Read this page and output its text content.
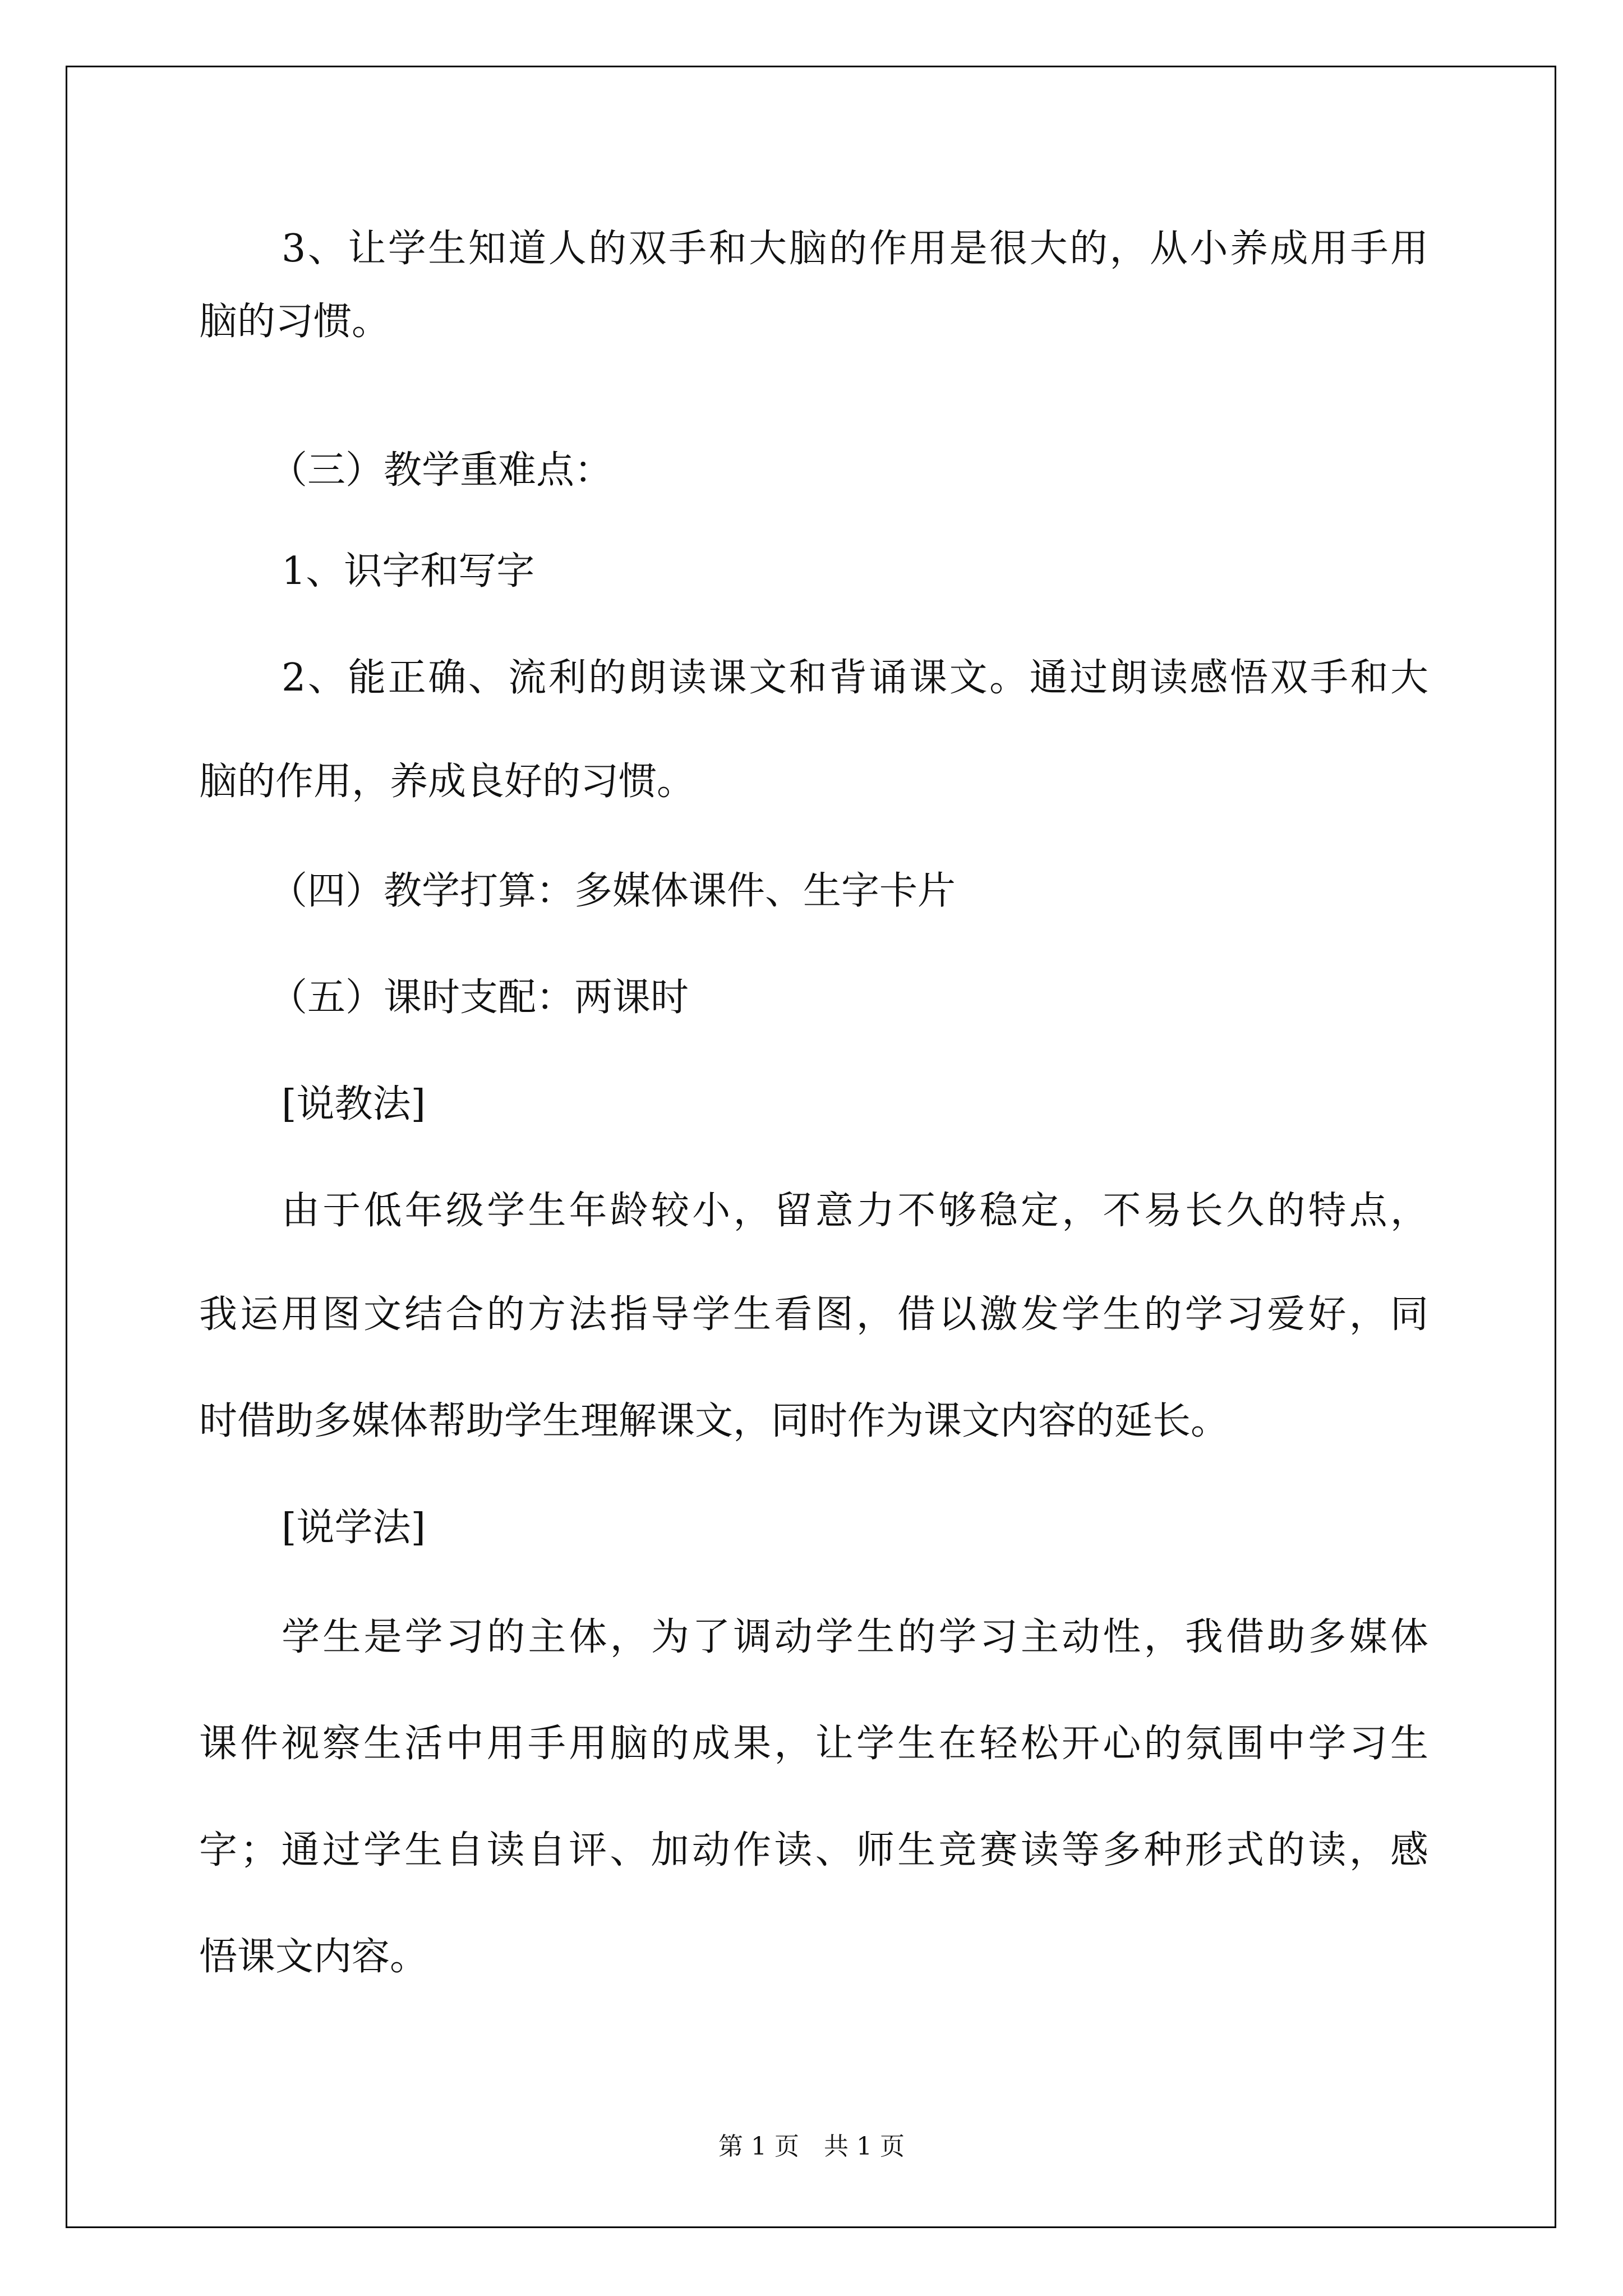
3、让学生知道人的双手和大脑的作用是很大的，从小养成用手用
脑的习惯。
（三）教学重难点：
1、识字和写字
2、能正确、流利的朗读课文和背诵课文。通过朗读感悟双手和大
脑的作用，养成良好的习惯。
（四）教学打算：多媒体课件、生字卡片
（五）课时支配：两课时
[说教法]
由于低年级学生年龄较小，留意力不够稳定，不易长久的特点，
我运用图文结合的方法指导学生看图，借以激发学生的学习爱好，同
时借助多媒体帮助学生理解课文，同时作为课文内容的延长。
[说学法]
学生是学习的主体，为了调动学生的学习主动性，我借助多媒体
课件视察生活中用手用脑的成果，让学生在轻松开心的氛围中学习生
字；通过学生自读自评、加动作读、师生竞赛读等多种形式的读，感
悟课文内容。
第 1 页　共 1 页
